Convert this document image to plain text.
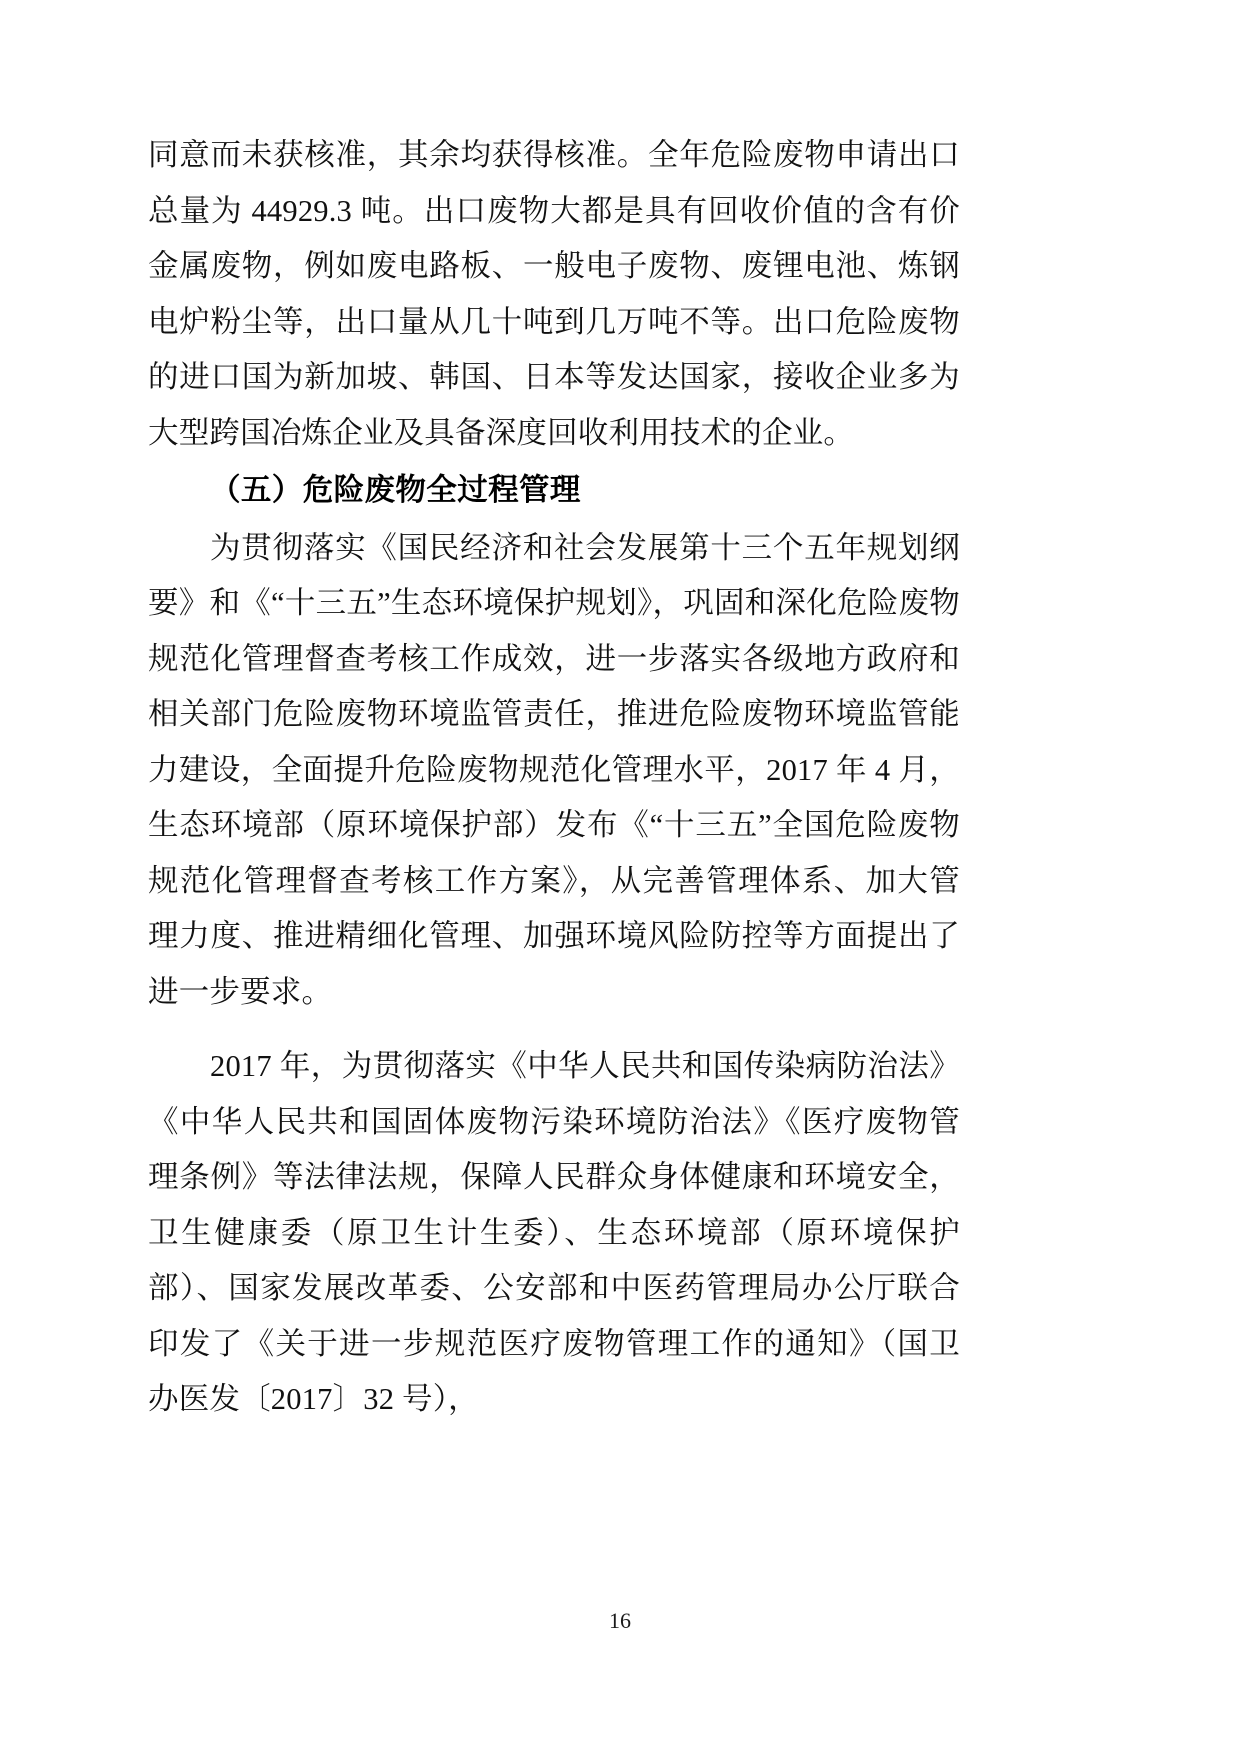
同意而未获核准，其余均获得核准。全年危险废物申请出口总量为 44929.3 吨。出口废物大都是具有回收价值的含有价金属废物，例如废电路板、一般电子废物、废锂电池、炼钢电炉粉尘等，出口量从几十吨到几万吨不等。出口危险废物的进口国为新加坡、韩国、日本等发达国家，接收企业多为大型跨国冶炼企业及具备深度回收利用技术的企业。

（五）危险废物全过程管理

为贯彻落实《国民经济和社会发展第十三个五年规划纲要》和《“十三五”生态环境保护规划》，巩固和深化危险废物规范化管理督查考核工作成效，进一步落实各级地方政府和相关部门危险废物环境监管责任，推进危险废物环境监管能力建设，全面提升危险废物规范化管理水平，2017 年 4 月，生态环境部（原环境保护部）发布《“十三五”全国危险废物规范化管理督查考核工作方案》，从完善管理体系、加大管理力度、推进精细化管理、加强环境风险防控等方面提出了进一步要求。

2017 年，为贯彻落实《中华人民共和国传染病防治法》《中华人民共和国固体废物污染环境防治法》《医疗废物管理条例》等法律法规，保障人民群众身体健康和环境安全，卫生健康委（原卫生计生委）、生态环境部（原环境保护部）、国家发展改革委、公安部和中医药管理局办公厅联合印发了《关于进一步规范医疗废物管理工作的通知》（国卫办医发〔2017〕32 号），

16
